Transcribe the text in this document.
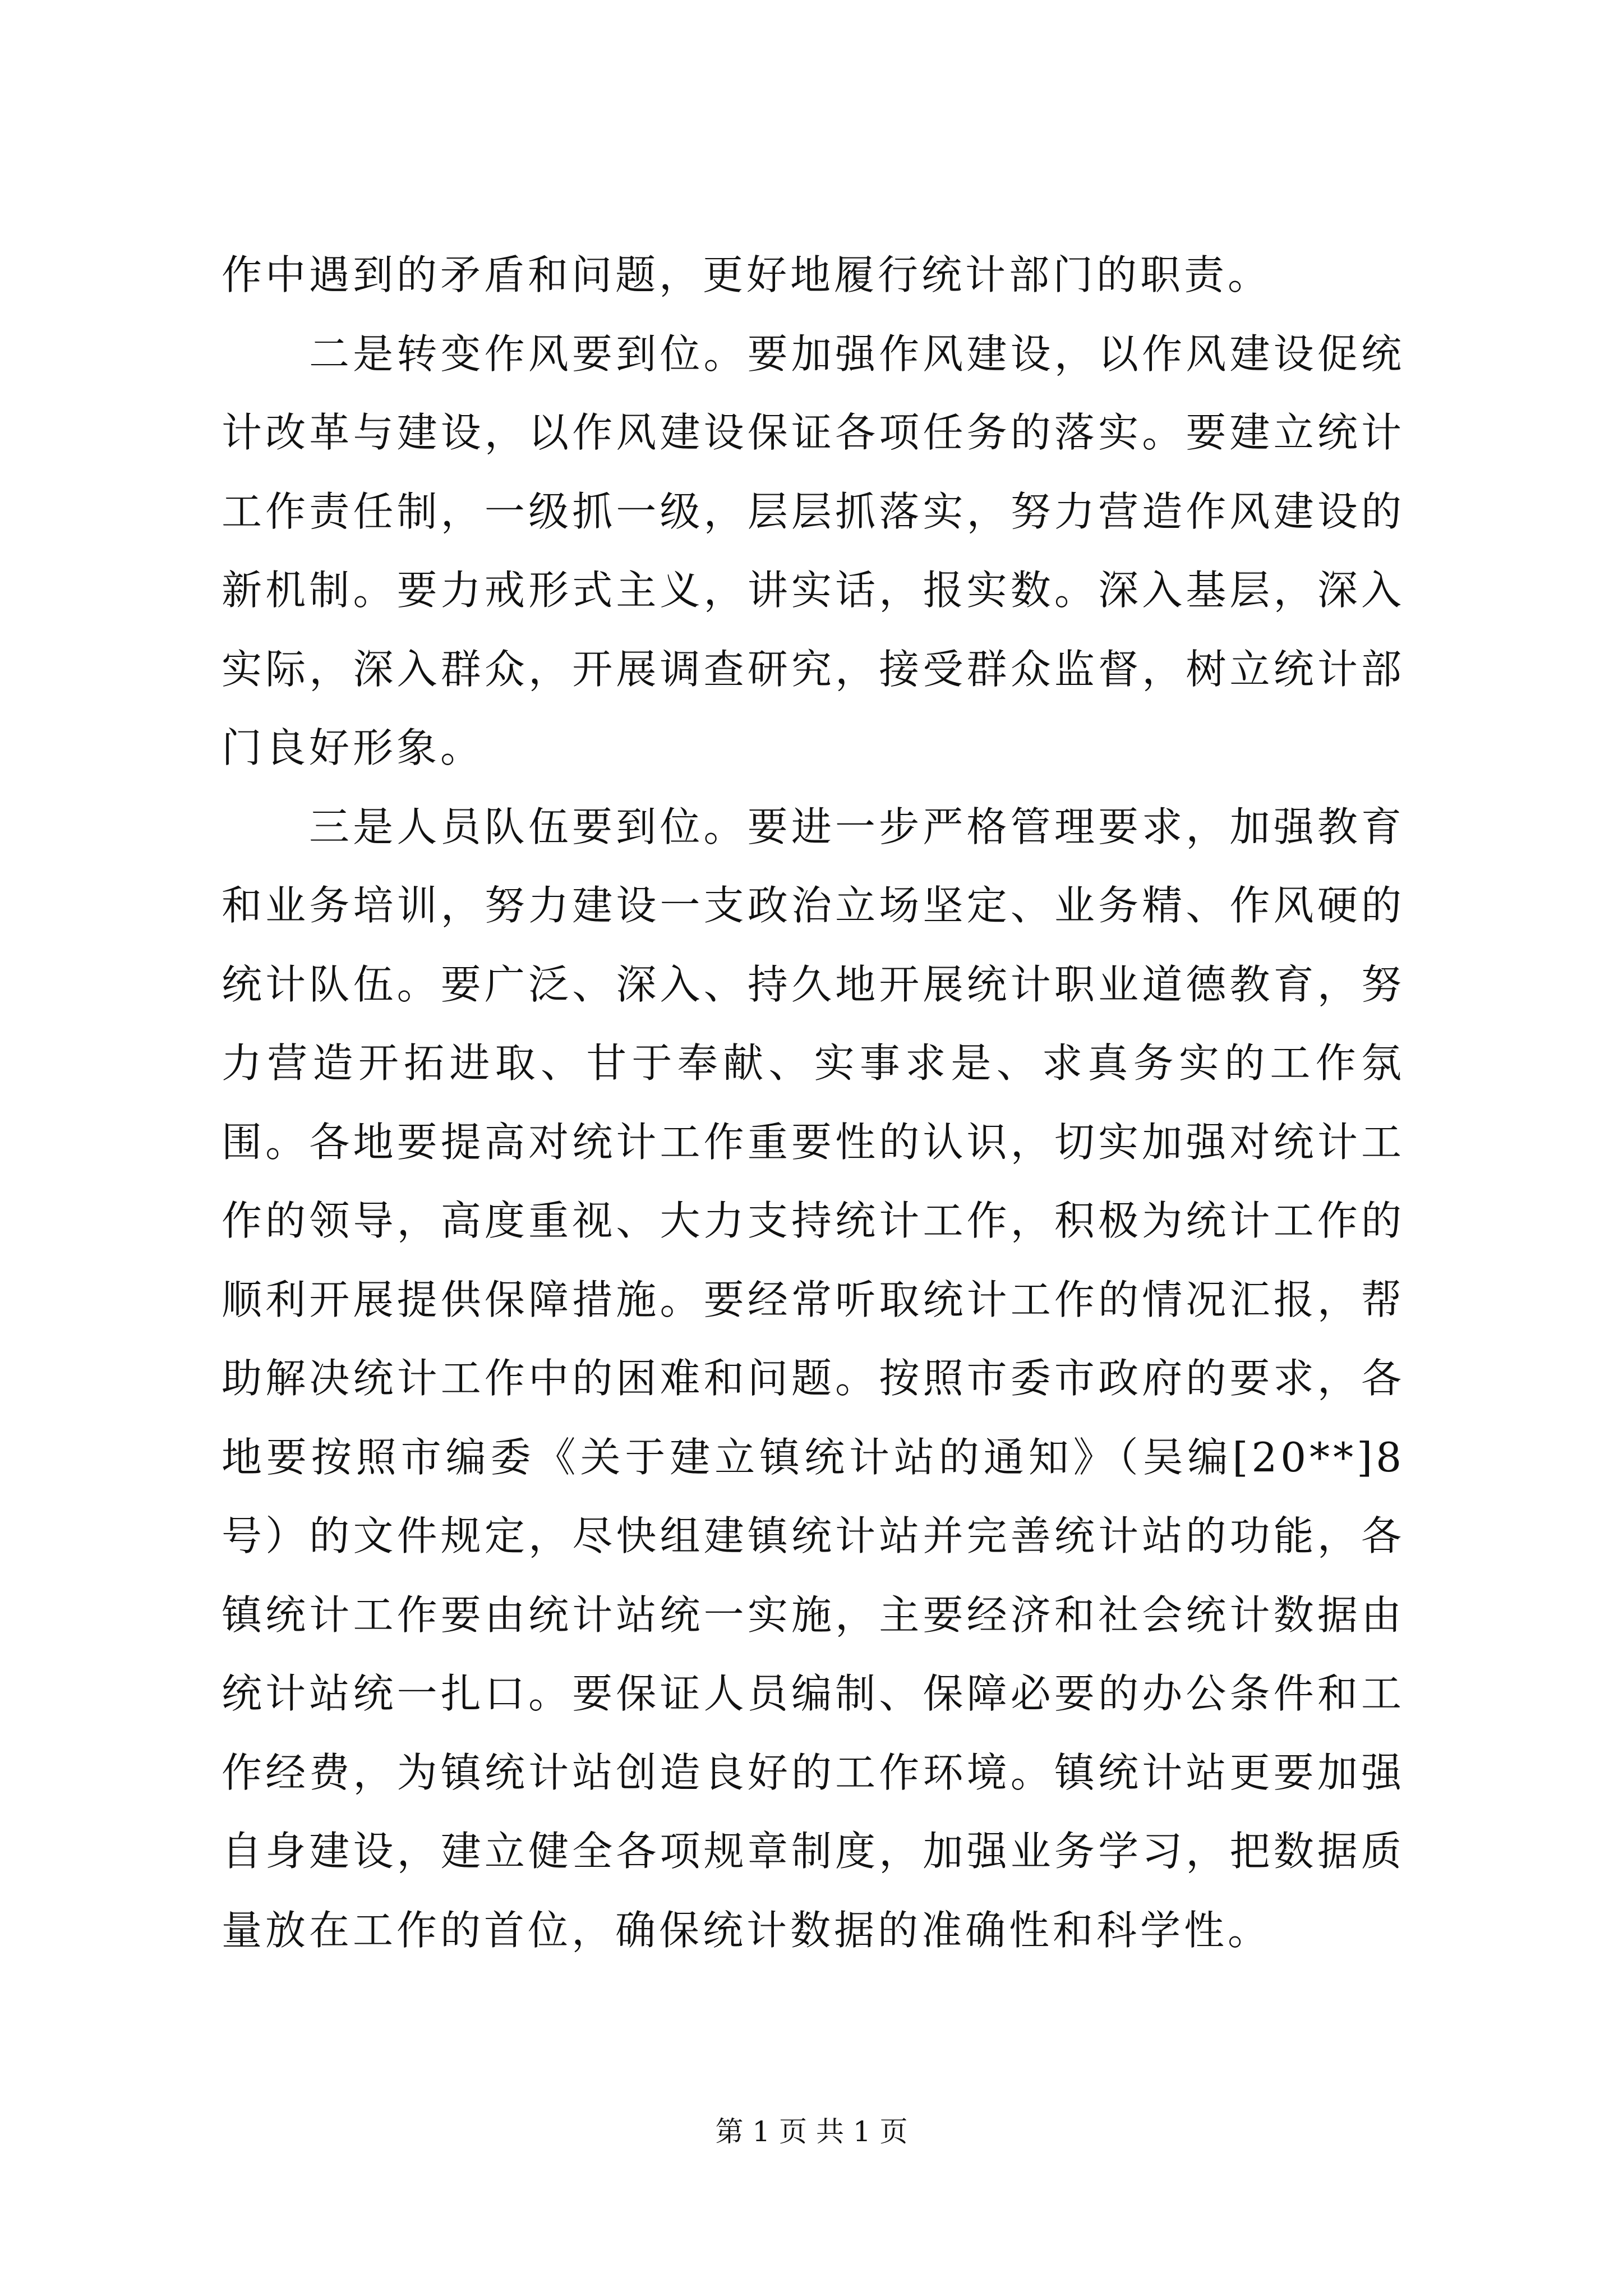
作中遇到的矛盾和问题，更好地履行统计部门的职责。

二是转变作风要到位。要加强作风建设，以作风建设促统计改革与建设，以作风建设保证各项任务的落实。要建立统计工作责任制，一级抓一级，层层抓落实，努力营造作风建设的新机制。要力戒形式主义，讲实话，报实数。深入基层，深入实际，深入群众，开展调查研究，接受群众监督，树立统计部门良好形象。

三是人员队伍要到位。要进一步严格管理要求，加强教育和业务培训，努力建设一支政治立场坚定、业务精、作风硬的统计队伍。要广泛、深入、持久地开展统计职业道德教育，努力营造开拓进取、甘于奉献、实事求是、求真务实的工作氛围。各地要提高对统计工作重要性的认识，切实加强对统计工作的领导，高度重视、大力支持统计工作，积极为统计工作的顺利开展提供保障措施。要经常听取统计工作的情况汇报，帮助解决统计工作中的困难和问题。按照市委市政府的要求，各地要按照市编委《关于建立镇统计站的通知》（吴编[20**]8号）的文件规定，尽快组建镇统计站并完善统计站的功能，各镇统计工作要由统计站统一实施，主要经济和社会统计数据由统计站统一扎口。要保证人员编制、保障必要的办公条件和工作经费，为镇统计站创造良好的工作环境。镇统计站更要加强自身建设，建立健全各项规章制度，加强业务学习，把数据质量放在工作的首位，确保统计数据的准确性和科学性。

第 1 页 共 1 页
